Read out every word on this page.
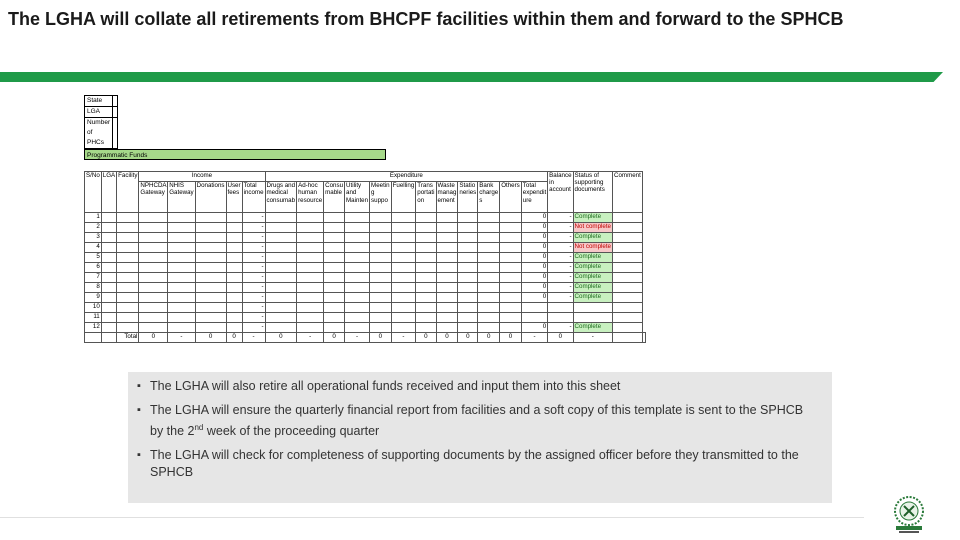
The LGHA will collate all retirements from BHCPF facilities within them and forward to the SPHCB
State	
LGA	
Number of PHCs	
Programmatic Funds
S/No	LGA	Facility	Income					Expenditure												Balance in account	Status of supporting documents	Comment	
			NPHCDA Gateway	NHIS Gateway	Donations	User fees	Total income	Drugs and medical consumab	Ad-hoc human resource	Consu mable	Utility and Mainten	Meetin g suppo	Fuelling	Trans portati on	Waste manag ement	Statio neries	Bank charge s	Others	Total expendit ure				
1							-												0	-	Complete		
2							-												0	-	Not complete		
3							-												0	-	Complete		
4							-												0	-	Not complete		
5							-												0	-	Complete		
6							-												0	-	Complete		
7							-												0	-	Complete		
8							-												0	-	Complete		
9							-												0	-	Complete		
10							-																
11							-																
12							-												0	-	Complete		
		Total	0	-	0	0	-	0	-	0	-	0	-	0	0	0	0	0	-	0	-		
▪ The LGHA will also retire all operational funds received and input them into this sheet
▪ The LGHA will ensure the quarterly financial report from facilities and a soft copy of this template is sent to the SPHCB by the 2nd week of the proceeding quarter
▪ The LGHA will check for completeness of supporting documents by the assigned officer before they transmitted to the SPHCB
